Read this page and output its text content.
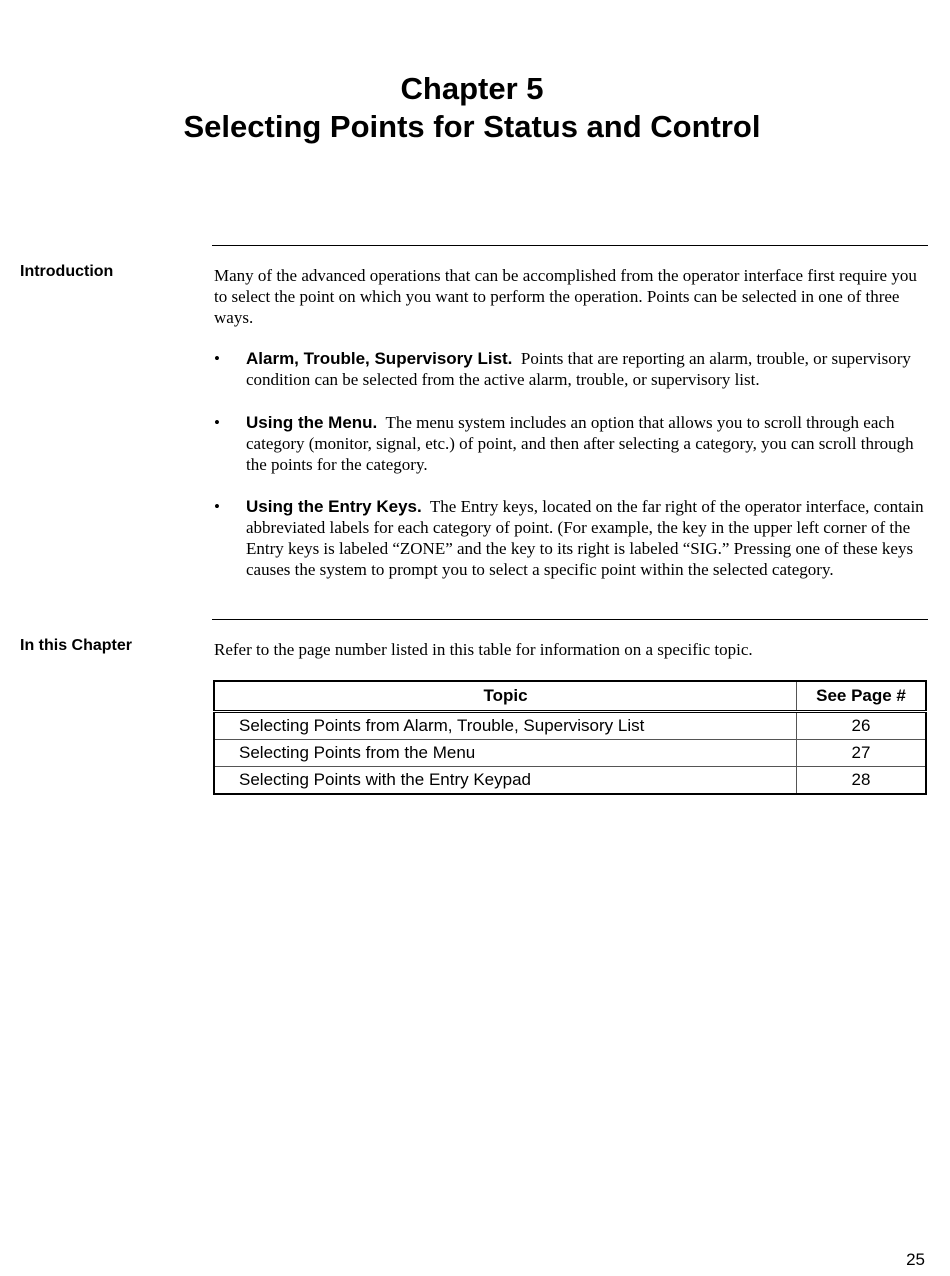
Chapter 5
Selecting Points for Status and Control
Introduction	Many of the advanced operations that can be accomplished from the operator interface first require you to select the point on which you want to perform the operation. Points can be selected in one of three ways.
• Alarm, Trouble, Supervisory List. Points that are reporting an alarm, trouble, or supervisory condition can be selected from the active alarm, trouble, or supervisory list.
• Using the Menu. The menu system includes an option that allows you to scroll through each category (monitor, signal, etc.) of point, and then after selecting a category, you can scroll through the points for the category.
• Using the Entry Keys. The Entry keys, located on the far right of the operator interface, contain abbreviated labels for each category of point. (For example, the key in the upper left corner of the Entry keys is labeled “ZONE” and the key to its right is labeled “SIG.” Pressing one of these keys causes the system to prompt you to select a specific point within the selected category.
In this Chapter	Refer to the page number listed in this table for information on a specific topic.
Topic	See Page #
Selecting Points from Alarm, Trouble, Supervisory List	26
Selecting Points from the Menu	27
Selecting Points with the Entry Keypad	28
25
